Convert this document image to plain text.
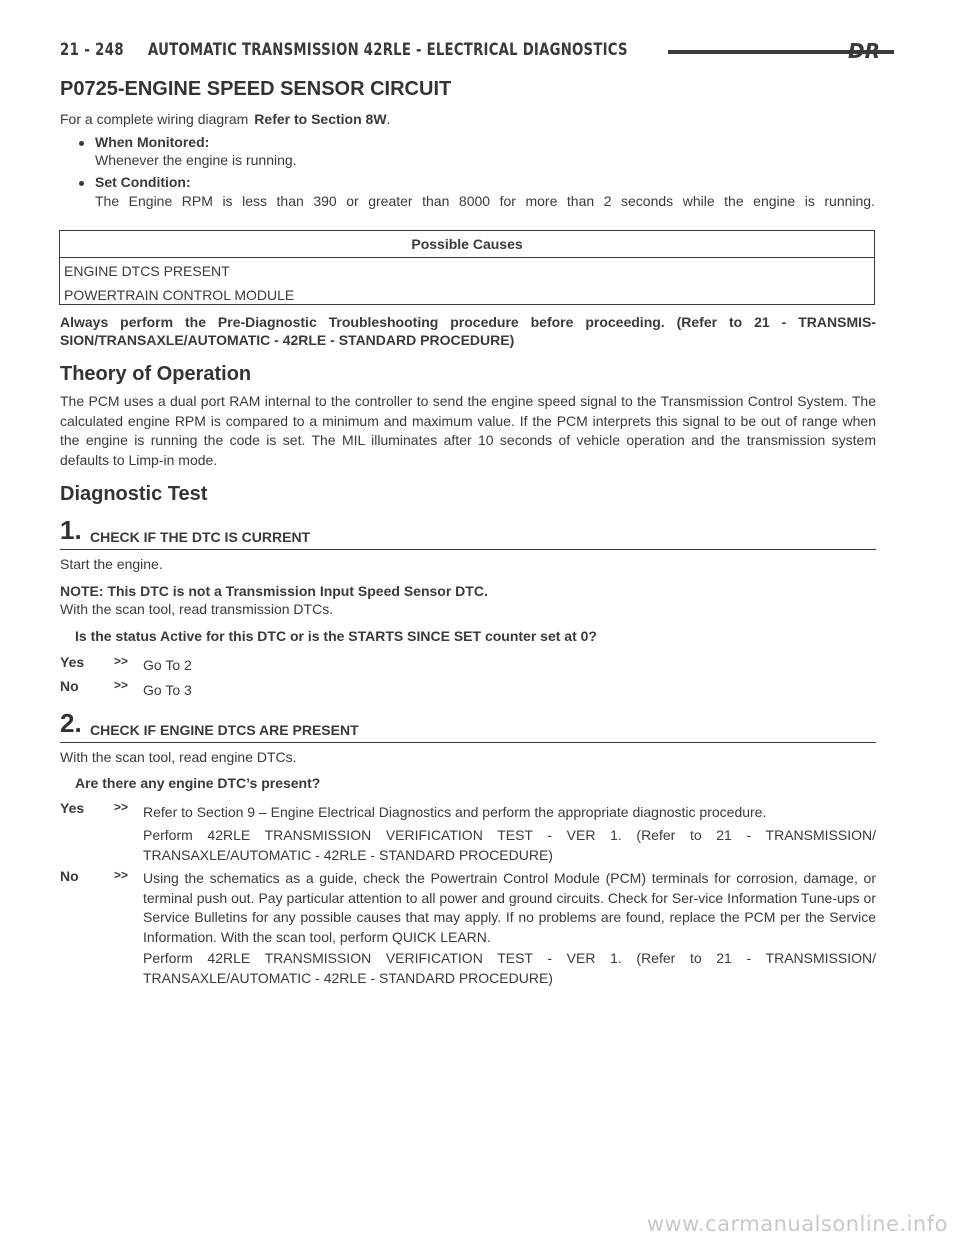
21 - 248 AUTOMATIC TRANSMISSION 42RLE - ELECTRICAL DIAGNOSTICS	DR
P0725-ENGINE SPEED SENSOR CIRCUIT
For a complete wiring diagram Refer to Section 8W.
When Monitored:
Whenever the engine is running.
Set Condition:
The Engine RPM is less than 390 or greater than 8000 for more than 2 seconds while the engine is running.
Possible Causes
ENGINE DTCS PRESENT
POWERTRAIN CONTROL MODULE
Always perform the Pre-Diagnostic Troubleshooting procedure before proceeding. (Refer to 21 - TRANSMIS-
SION/TRANSAXLE/AUTOMATIC - 42RLE - STANDARD PROCEDURE)
Theory of Operation
The PCM uses a dual port RAM internal to the controller to send the engine speed signal to the Transmission Control System. The calculated engine RPM is compared to a minimum and maximum value. If the PCM interprets this signal to be out of range when the engine is running the code is set. The MIL illuminates after 10 seconds of vehicle operation and the transmission system defaults to Limp-in mode.
Diagnostic Test
1. CHECK IF THE DTC IS CURRENT
Start the engine.
NOTE: This DTC is not a Transmission Input Speed Sensor DTC.
With the scan tool, read transmission DTCs.
Is the status Active for this DTC or is the STARTS SINCE SET counter set at 0?
Yes >> Go To 2
No	>> Go To 3
2. CHECK IF ENGINE DTCS ARE PRESENT
With the scan tool, read engine DTCs.
Are there any engine DTC’s present?
Yes >> Refer to Section 9 – Engine Electrical Diagnostics and perform the appropriate diagnostic procedure.
Perform 42RLE TRANSMISSION VERIFICATION TEST - VER 1. (Refer to 21 - TRANSMISSION/ TRANSAXLE/AUTOMATIC - 42RLE - STANDARD PROCEDURE)
No	>> Using the schematics as a guide, check the Powertrain Control Module (PCM) terminals for corrosion, damage, or terminal push out. Pay particular attention to all power and ground circuits. Check for Ser-vice Information Tune-ups or Service Bulletins for any possible causes that may apply. If no problems are found, replace the PCM per the Service Information. With the scan tool, perform QUICK LEARN.
Perform 42RLE TRANSMISSION VERIFICATION TEST - VER 1. (Refer to 21 - TRANSMISSION/ TRANSAXLE/AUTOMATIC - 42RLE - STANDARD PROCEDURE)
www.carmanualsonline.info
